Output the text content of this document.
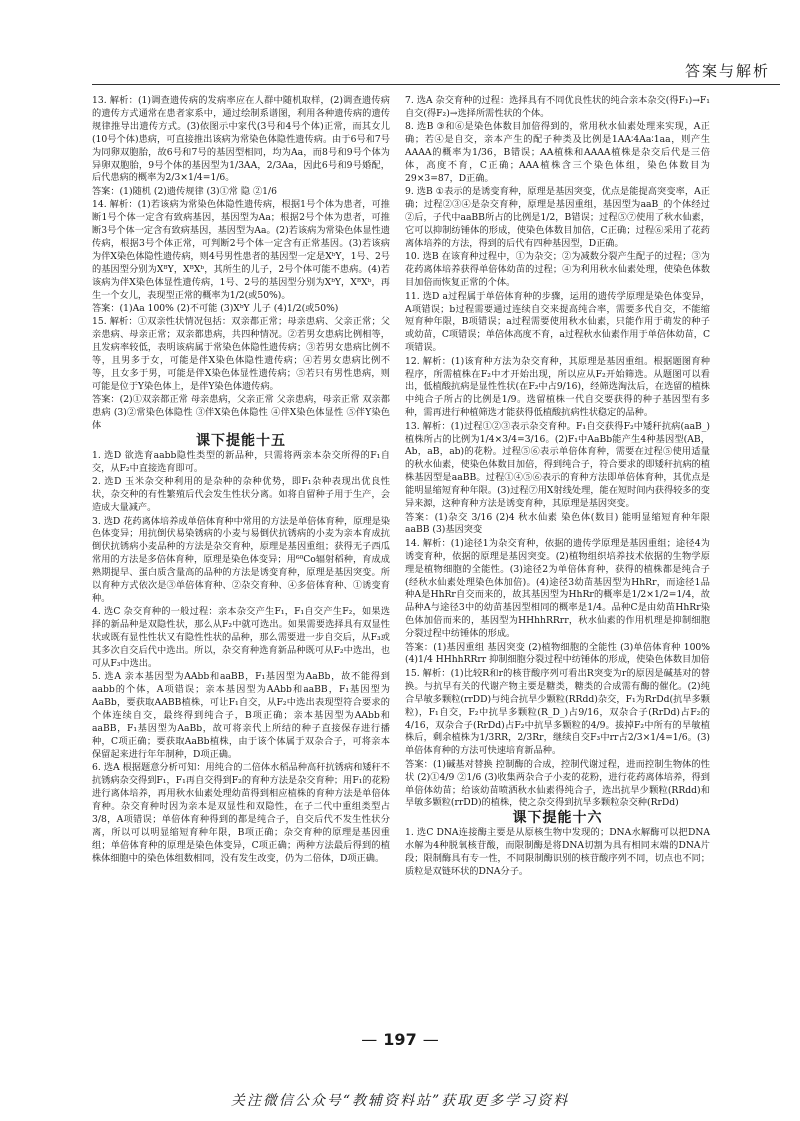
答案与解析

13. 解析：(1)调查遗传病的发病率应在人群中随机取样，(2)调查遗传病的遗传方式通常在患者家系中，通过绘制系谱图，利用各种遗传病的遗传规律推导出遗传方式。(3)依图示中家代(3号和4号个体)正常，而其女儿(10号个体)患病，可直接推出该病为常染色体隐性遗传病。由于6号和7号为同卵双胞胎，故6号和7号的基因型相同，均为Aa，而8号和9号个体为异卵双胞胎，9号个体的基因型为1/3AA，2/3Aa，因此6号和9号婚配，后代患病的概率为2/3×1/4=1/6。

答案：(1)随机 (2)遗传规律 (3)①常 隐 ②1/6

14. 解析：(1)若该病为常染色体隐性遗传病，根据1号个体为患者，可推断1号个体一定含有致病基因，基因型为Aa；根据2号个体为患者，可推断3号个体一定含有致病基因，基因型为Aa。(2)若该病为常染色体显性遗传病，根据3号个体正常，可判断2号个体一定含有正常基因。(3)若该病为伴X染色体隐性遗传病，则4号男性患者的基因型一定是XᵇY，1号、2号的基因型分别为XᴮY，XᴮXᵇ，其所生的儿子，2号个体可能不患病。(4)若该病为伴X染色体显性遗传病，1号、2号的基因型分别为XᵇY，XᴮXᵇ，再生一个女儿，表现型正常的概率为1/2(或50%)。

答案：(1)Aa 100% (2)不可能 (3)XᵇY 儿子 (4)1/2(或50%)

15. 解析：①双亲性状情况包括：双亲都正常；母亲患病、父亲正常；父亲患病、母亲正常；双亲都患病，共四种情况。②若男女患病比例相等，且发病率较低，表明该病属于常染色体隐性遗传病；③若男女患病比例不等，且男多于女，可能是伴X染色体隐性遗传病；④若男女患病比例不等，且女多于男，可能是伴X染色体显性遗传病；⑤若只有男性患病，则可能是位于Y染色体上，是伴Y染色体遗传病。

答案：(2)①双亲都正常 母亲患病，父亲正常 父亲患病，母亲正常 双亲都患病 (3)②常染色体隐性 ③伴X染色体隐性 ④伴X染色体显性 ⑤伴Y染色体

课下提能十五

1. 选D 欲选育aabb隐性类型的新品种，只需将两亲本杂交所得的F₁自交，从F₂中直接选育即可。

2. 选D 玉米杂交种利用的是杂种的杂种优势，即F₁杂种表现出优良性状，杂交种的有性繁殖后代会发生性状分离。如将自留种子用于生产，会造成大量减产。

3. 选D 花药离体培养成单倍体育种中常用的方法是单倍体育种，原理是染色体变异；用抗倒伏易染锈病的小麦与易倒伏抗锈病的小麦为亲本育成抗倒伏抗锈病小麦品种的方法是杂交育种，原理是基因重组；获得无子西瓜常用的方法是多倍体育种，原理是染色体变异；用⁶⁰Co辐射稻种，育成成熟期提早、蛋白质含量高的品种的方法是诱变育种，原理是基因突变。所以育种方式依次是③单倍体育种、②杂交育种、④多倍体育种、①诱变育种。

4. 选C 杂交育种的一般过程：亲本杂交产生F₁，F₁自交产生F₂，如果选择的新品种是双隐性状，那么从F₂中就可选出。如果需要选择具有双显性状或既有显性性状又有隐性性状的品种，那么需要进一步自交后，从F₃或其多次自交后代中选出。所以，杂交育种选育新品种既可从F₂中选出，也可从F₃中选出。

5. 选A 亲本基因型为AAbb和aaBB，F₁基因型为AaBb，故不能得到aabb的个体，A项错误；亲本基因型为AAbb和aaBB，F₁基因型为AaBb，要获取AABB植株，可让F₁自交，从F₂中选出表现型符合要求的个体连续自交，最终得到纯合子，B项正确；亲本基因型为AAbb和aaBB，F₁基因型为AaBb，故可将亲代上所结的种子直接保存进行播种，C项正确；要获取AaBb植株，由于该个体属于双杂合子，可将亲本保留起来进行年年制种，D项正确。

6. 选A 根据题意分析可知：用纯合的二倍体水稻品种高秆抗锈病和矮秆不抗锈病杂交得到F₁，F₁再自交得到F₂的育种方法是杂交育种；用F₁的花粉进行离体培养，再用秋水仙素处理幼苗得到相应植株的育种方法是单倍体育种。杂交育种时因为亲本是双显性和双隐性，在子二代中重组类型占3/8，A项错误；单倍体育种得到的都是纯合子，自交后代不发生性状分离，所以可以明显缩短育种年限，B项正确；杂交育种的原理是基因重组；单倍体育种的原理是染色体变异，C项正确；两种方法最后得到的植株体细胞中的染色体组数相同，没有发生改变，仍为二倍体，D项正确。

7. 选A 杂交育种的过程：选择具有不同优良性状的纯合亲本杂交(得F₁)→F₁自交(得F₂)→选择所需性状的个体。

8. 选B ③和⑥是染色体数目加倍得到的，常用秋水仙素处理来实现，A正确；若④是自交，亲本产生的配子种类及比例是1AA∶4Aa∶1aa，则产生AAAA的概率为1/36，B错误；AA植株和AAAA植株是杂交后代是三倍体，高度不育，C正确；AAA植株含三个染色体组，染色体数目为29×3=87，D正确。

9. 选B ①表示的是诱变育种，原理是基因突变，优点是能提高突变率，A正确；过程②③④是杂交育种，原理是基因重组，基因型为aaB_的个体经过②后，子代中aaBB所占的比例是1/2，B错误；过程⑤⑦使用了秋水仙素，它可以抑制纺锤体的形成，使染色体数目加倍，C正确；过程⑥采用了花药离体培养的方法，得到的后代有四种基因型，D正确。

10. 选B 在该育种过程中，①为杂交；②为减数分裂产生配子的过程；③为花药离体培养获得单倍体幼苗的过程；④为利用秋水仙素处理，使染色体数目加倍而恢复正常的个体。

11. 选D a过程属于单倍体育种的步骤，运用的遗传学原理是染色体变异，A项错误；b过程需要通过连续自交来提高纯合率，需要多代自交，不能缩短育种年限，B项错误；a过程需要使用秋水仙素，只能作用于萌发的种子或幼苗，C项错误；单倍体高度不育，a过程秋水仙素作用于单倍体幼苗，C项错误。

12. 解析：(1)该育种方法为杂交育种，其原理是基因重组。根据题图育种程序，所需植株在F₂中才开始出现，所以应从F₂开始筛选。从题图可以看出，低植酸抗病是显性性状(在F₂中占9/16)，经筛选淘汰后，在选留的植株中纯合子所占的比例是1/9。选留植株一代自交要获得的种子基因型有多种，需再进行种植筛选才能获得低植酸抗病性状稳定的品种。

13. 解析：(1)过程①②③表示杂交育种。F₁自交获得F₂中矮秆抗病(aaB_)植株所占的比例为1/4×3/4=3/16。(2)F₁中AaBb能产生4种基因型(AB，Ab，aB，ab)的花粉。过程⑤⑥表示单倍体育种，需要在过程⑤使用适量的秋水仙素，使染色体数目加倍，得到纯合子，符合要求的即矮秆抗病的植株基因型是aaBB。过程①④⑤⑥表示的育种方法即单倍体育种，其优点是能明显缩短育种年限。(3)过程⑦用X射线处理，能在短时间内获得较多的变异来源，这种育种方法是诱变育种，其原理是基因突变。

答案：(1)杂交 3/16 (2)4 秋水仙素 染色体(数目) 能明显缩短育种年限 aaBB (3)基因突变

14. 解析：(1)途径1为杂交育种，依据的遗传学原理是基因重组；途径4为诱变育种，依据的原理是基因突变。(2)植物组织培养技术依据的生物学原理是植物细胞的全能性。(3)途径2为单倍体育种，获得的植株都是纯合子(经秋水仙素处理染色体加倍)。(4)途径3幼苗基因型为HhRr，而途径1品种A是HhRr自交而来的，故其基因型为HhRr的概率是1/2×1/2=1/4，故品种A与途径3中的幼苗基因型相同的概率是1/4。品种C是由幼苗HhRr染色体加倍而来的，基因型为HHhhRRrr，秋水仙素的作用机理是抑制细胞分裂过程中纺锤体的形成。

答案：(1)基因重组 基因突变 (2)植物细胞的全能性 (3)单倍体育种 100% (4)1/4 HHhhRRrr 抑制细胞分裂过程中纺锤体的形成，使染色体数目加倍

15. 解析：(1)比较R和r的核苷酸序列可看出R突变为r的原因是碱基对的替换。与抗早有关的代谢产物主要是糖类，糖类的合成需有酶的催化。(2)纯合早敏多颗粒(rrDD)与纯合抗旱少颗粒(RRdd)杂交，F₁为RrDd(抗旱多颗粒)，F₁自交，F₂中抗旱多颗粒(R_D_)占9/16，双杂合子(RrDd)占F₂的4/16，双杂合子(RrDd)占F₂中抗旱多颗粒的4/9。拔掉F₂中所有的旱敏植株后，剩余植株为1/3RR，2/3Rr，继续自交F₃中rr占2/3×1/4=1/6。(3)单倍体育种的方法可快速培育新品种。

答案：(1)碱基对替换 控制酶的合成，控制代谢过程，进而控制生物体的性状 (2)①4/9 ②1/6 (3)收集两杂合子小麦的花粉，进行花药离体培养，得到单倍体幼苗；给该幼苗喷洒秋水仙素得纯合子，选出抗旱少颗粒(RRdd)和旱敏多颗粒(rrDD)的植株，使之杂交得到抗旱多颗粒杂交种(RrDd)

课下提能十六

1. 选C DNA连接酶主要是从原核生物中发现的；DNA水解酶可以把DNA水解为4种脱氧核苷酸，而限制酶是将DNA切割为具有相同末端的DNA片段；限制酶具有专一性，不同限制酶识别的核苷酸序列不同，切点也不同；质粒是双链环状的DNA分子。

— 197 —
关注微信公众号“教辅资料站”获取更多学习资料
